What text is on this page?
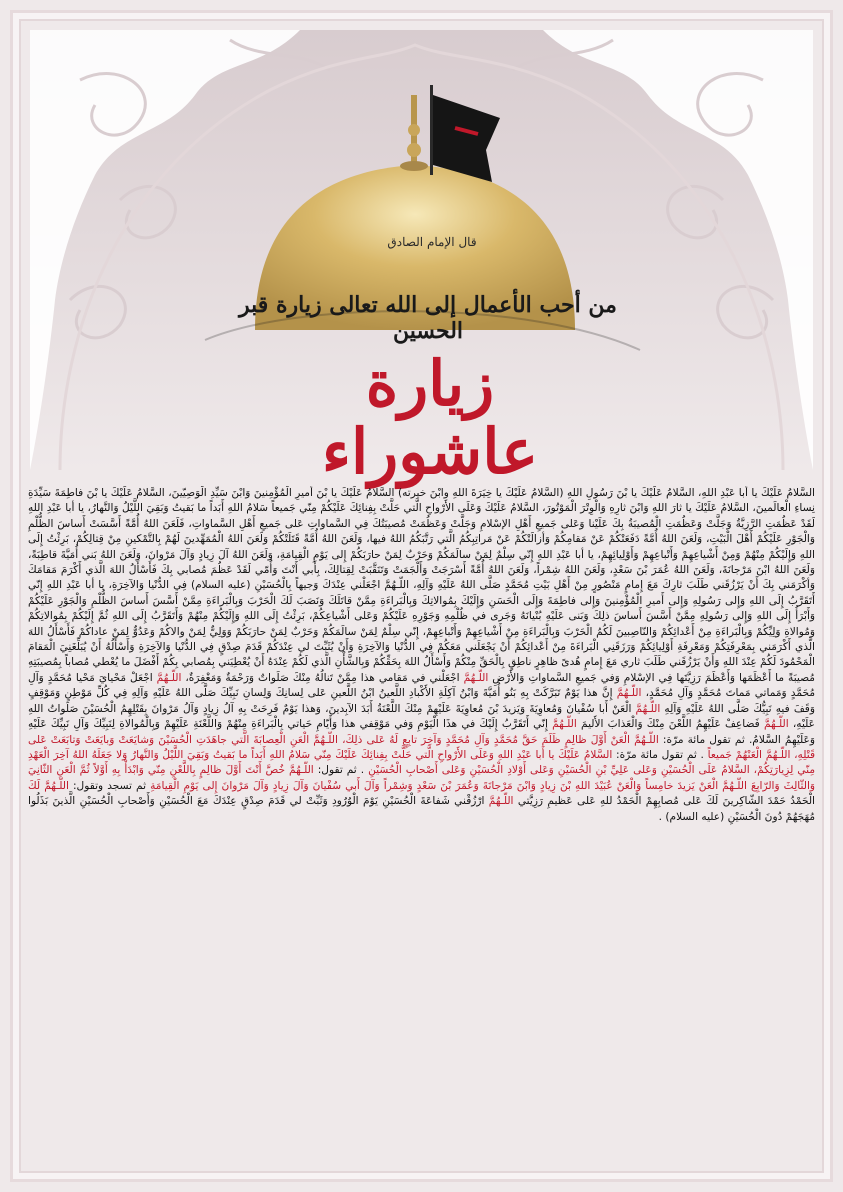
قال الإمام الصادق
من أحب الأعمال إلى الله تعالى زيارة قبر الحسين
زيارة عاشوراء
السَّلامُ عَلَيْكَ يا أبا عَبْدِ اللهِ، السَّلامُ عَلَيْكَ يا بْنَ رَسُولِ اللهِ (السَّلامُ عَلَيْكَ يا خِيَرَةَ اللهِ وابْنَ خيرته) السَّلامُ عَلَيْكَ يا بْنَ أميرِ الْمُؤْمِنينَ وَابْنَ سَيِّدِ الْوَصِيّينَ، السَّلامُ عَلَيْكَ يا بْنَ فاطِمَةَ سَيِّدَةِ نِساءِ الْعالَمينَ، السَّلامُ عَلَيْكَ يا ثارَ اللهِ وَابْنَ ثارِهِ وَالْوِتْرَ الْمَوْتُورَ، السَّلامُ عَلَيْكَ وَعَلَى الأَرْواحِ الَّتي حَلَّتْ بِفِنائِكَ عَلَيْكُمْ مِنّي جَميعاً سَلامُ اللهِ أَبَداً ما بَقيتُ وَبَقِيَ اللَّيْلُ وَالنَّهارُ، يا أبا عَبْدِ اللهِ لَقَدْ عَظُمَتِ الرَّزِيَّةُ وَجَلَّتْ وَعَظُمَتِ الْمُصيبَةُ بِكَ عَلَيْنا وَعَلى جَميعِ أَهْلِ الإسْلامِ وَجَلَّتْ وَعَظُمَتْ مُصيبَتُكَ فِي السَّماواتِ عَلى جَميعِ أَهْلِ السَّماواتِ، فَلَعَنَ اللهُ أُمَّةً أَسَّسَتْ أَساسَ الظُّلْمِ وَالْجَوْرِ عَلَيْكُمْ أَهْلَ الْبَيْتِ، وَلَعَنَ اللهُ أُمَّةً دَفَعَتْكُمْ عَنْ مَقامِكُمْ وَأزالَتْكُمْ عَنْ مَراتِبِكُمُ الَّتي رَتَّبَكُمُ اللهُ فيها، وَلَعَنَ اللهُ أُمَّةً قَتَلَتْكُمْ وَلَعَنَ اللهُ الْمُمَهِّدينَ لَهُمْ بِالتَّمْكينِ مِنْ قِتالِكُمْ، بَرِئْتُ إِلَى اللهِ وَإِلَيْكُمْ مِنْهُمْ وَمِنْ أَشْياعِهِمْ وَأَتْباعِهِمْ وَأَوْلِيائِهِمْ، يا أبا عَبْدِ اللهِ إِنّي سِلْمٌ لِمَنْ سالَمَكُمْ وَحَرْبٌ لِمَنْ حارَبَكُمْ إِلى يَوْمِ الْقِيامَةِ، وَلَعَنَ اللهُ آلَ زِيادٍ وَآلَ مَرْوانَ، وَلَعَنَ اللهُ بَني أُمَيَّةَ قاطِبَةً، وَلَعَنَ اللهُ ابْنَ مَرْجانَةَ، وَلَعَنَ اللهُ عُمَرَ بْنَ سَعْدٍ، وَلَعَنَ اللهُ شِمْراً، وَلَعَنَ اللهُ أُمَّةً أَسْرَجَتْ وَأَلْجَمَتْ وَتَنَقَّبَتْ لِقِتالِكَ، بِأَبي أَنْتَ وَأُمّي لَقَدْ عَظُمَ مُصابي بِكَ فَأَسْأَلُ اللهَ الَّذي أَكْرَمَ مَقامَكَ وَأكْرَمَني بِكَ أَنْ يَرْزُقَني طَلَبَ ثارِكَ مَعَ إِمامٍ مَنْصُورٍ مِنْ أَهْلِ بَيْتِ مُحَمَّدٍ صَلَّى اللهُ عَلَيْهِ وَآلِهِ، اللّـهُمَّ اجْعَلْني عِنْدَكَ وَجيهاً بِالْحُسَيْنِ (عليه السلام) فِي الدُّنْيا وَالآخِرَةِ، يا أبا عَبْدِ اللهِ إِنّي أَتَقَرَّبُ إِلَى اللهِ وَإِلى رَسُولِهِ وَإِلى أَميرِ الْمُؤْمِنينَ وَإِلى فاطِمَةَ وَإِلَى الْحَسَنِ وَإِلَيْكَ بِمُوالاتِكَ وَبِالْبَراءَةِ مِمَّنْ قاتَلَكَ وَنَصَبَ لَكَ الْحَرْبَ وَبِالْبَراءَةِ مِمَّنْ أَسَّسَ أَساسَ الظُّلْمِ وَالْجَوْرِ عَلَيْكُمْ وَأَبْرَأُ إِلَى اللهِ وَإِلى رَسُولِهِ مِمَّنْ أَسَّسَ أَساسَ ذلِكَ وَبَنى عَلَيْهِ بُنْيانَهُ وَجَرى في ظُلْمِهِ وَجَوْرِهِ عَلَيْكُمْ وَعَلى أَشْياعِكُمْ، بَرِئْتُ إِلَى اللهِ وَإِلَيْكُمْ مِنْهُمْ وَأَتَقَرَّبُ إِلَى اللهِ ثُمَّ إِلَيْكُمْ بِمُوالاتِكُمْ وَمُوالاةِ وَلِيِّكُمْ وَبِالْبَراءَةِ مِنْ أَعْدائِكُمْ وَالنّاصِبينَ لَكُمُ الْحَرْبَ وَبِالْبَراءَةِ مِنْ أَشْياعِهِمْ وَأَتْباعِهِمْ، إِنّي سِلْمٌ لِمَنْ سالَمَكُمْ وَحَرْبٌ لِمَنْ حارَبَكُمْ وَوَلِيٌّ لِمَنْ والاكُمْ وَعَدُوٌّ لِمَنْ عاداكُمْ فَأَسْأَلُ اللهَ الَّذي أَكْرَمَني بِمَعْرِفَتِكُمْ وَمَعْرِفَةِ أَوْلِيائِكُمْ وَرَزَقَنِي الْبَراءَةَ مِنْ أَعْدائِكُمْ أَنْ يَجْعَلَني مَعَكُمْ فِي الدُّنْيا وَالآخِرَةِ وَأَنْ يُثَبِّتَ لي عِنْدَكُمْ قَدَمَ صِدْقٍ فِي الدُّنْيا وَالآخِرَةِ وَأَسْأَلُهُ أَنْ يُبَلِّغَنِيَ الْمَقامَ الْمَحْمُودَ لَكُمْ عِنْدَ اللهِ وَأَنْ يَرْزُقَني طَلَبَ ثاري مَعَ إِمامٍ هُدىً ظاهِرٍ ناطِقٍ بِالْحَقِّ مِنْكُمْ وَأَسْأَلُ اللهَ بِحَقِّكُمْ وَبِالشَّأْنِ الَّذي لَكُمْ عِنْدَهُ أَنْ يُعْطِيَني بِمُصابي بِكُمْ أَفْضَلَ ما يُعْطي مُصاباً بِمُصيبَتِهِ مُصيبَةً ما أَعْظَمَها وَأَعْظَمَ رَزِيَّتَها فِي الإسْلامِ وَفي جَميعِ السَّماواتِ وَالأَرْضِ اللّـهُمَّ اجْعَلْني في مَقامي هذا مِمَّنْ تَنالُهُ مِنْكَ صَلَواتٌ وَرَحْمَةٌ وَمَغْفِرَةٌ، اللّـهُمَّ اجْعَلْ مَحْيايَ مَحْيا مُحَمَّدٍ وَآلِ مُحَمَّدٍ وَمَماتي مَماتَ مُحَمَّدٍ وَآلِ مُحَمَّدٍ، اللّـهُمَّ إِنَّ هذا يَوْمٌ تَبَرَّكَتْ بِهِ بَنُو أُمَيَّةَ وَابْنُ آكِلَةِ الأَكْبادِ اللَّعينُ ابْنُ اللَّعينِ عَلى لِسانِكَ وَلِسانِ نَبِيِّكَ صَلَّى اللهُ عَلَيْهِ وَآلِهِ فِي كُلِّ مَوْطِنٍ وَمَوْقِفٍ وَقَفَ فيهِ نَبِيُّكَ صَلَّى اللهُ عَلَيْهِ وَآلِهِ اللّـهُمَّ الْعَنْ أَبا سُفْيانَ وَمُعاوِيَةَ وَيَزيدَ بْنَ مُعاوِيَةَ عَلَيْهِمْ مِنْكَ اللَّعْنَةُ أَبَدَ الآبِدينَ، وَهذا يَوْمٌ فَرِحَتْ بِهِ آلُ زِيادٍ وَآلُ مَرْوانَ بِقَتْلِهِمُ الْحُسَيْنَ صَلَواتُ اللهِ عَلَيْهِ، اللّـهُمَّ فَضاعِفْ عَلَيْهِمُ اللَّعْنَ مِنْكَ وَالْعَذابَ الأَليمَ اللّـهُمَّ إِنّي أَتَقَرَّبُ إِلَيْكَ في هذَا الْيَوْمِ وَفي مَوْقِفي هذا وَأَيّامِ حَياتي بِالْبَراءَةِ مِنْهُمْ وَاللَّعْنَةِ عَلَيْهِمْ وَبِالْمُوالاةِ لِنَبِيِّكَ وَآلِ نَبِيِّكَ عَلَيْهِ وَعَلَيْهِمُ السَّلامُ. ثم تقول مائة مرّة: اللّـهُمَّ الْعَنْ أَوَّلَ ظالِمٍ ظَلَمَ حَقَّ مُحَمَّدٍ وَآلِ مُحَمَّدٍ وَآخِرَ تابِعٍ لَهُ عَلى ذلِكَ، اللّـهُمَّ الْعَنِ الْعِصابَةَ الَّتي جاهَدَتِ الْحُسَيْنَ وَشايَعَتْ وَبايَعَتْ وَتابَعَتْ عَلى قَتْلِهِ، اللّـهُمَّ الْعَنْهُمْ جَميعاً . ثم تقول مائة مرّة: السَّلامُ عَلَيْكَ يا أَبا عَبْدِ اللهِ وَعَلَى الأَرْواحِ الَّتي حَلَّتْ بِفِنائِكَ عَلَيْكَ مِنّي سَلامُ اللهِ أَبَداً ما بَقيتُ وَبَقِيَ اللَّيْلُ وَالنَّهارُ وَلا جَعَلَهُ اللهُ آخِرَ الْعَهْدِ مِنّي لِزِيارَتِكُمْ، السَّلامُ عَلَى الْحُسَيْنِ وَعَلى عَلِيِّ بْنِ الْحُسَيْنِ وَعَلى أَوْلادِ الْحُسَيْنِ وَعَلى أَصْحابِ الْحُسَيْنِ . ثم تقول: اللّـهُمَّ خُصَّ أَنْتَ أَوَّلَ ظالِمٍ بِاللَّعْنِ مِنّي وَابْدَأْ بِهِ أَوَّلاً ثُمَّ الْعَنِ الثّانِيَ وَالثّالِثَ وَالرّابِعَ اللّـهُمَّ الْعَنْ يَزيدَ خامِساً وَالْعَنْ عُبَيْدَ اللهِ بْنَ زِيادٍ وَابْنَ مَرْجانَةَ وَعُمَرَ بْنَ سَعْدٍ وَشِمْراً وَآلَ أَبي سُفْيانَ وَآلَ زِيادٍ وَآلَ مَرْوانَ إِلى يَوْمِ الْقِيامَةِ ثم تسجد وتقول: اللّـهُمَّ لَكَ الْحَمْدُ حَمْدَ الشّاكِرينَ لَكَ عَلى مُصابِهِمْ الْحَمْدُ للهِ عَلى عَظيمِ رَزِيَّتي اللّـهُمَّ ارْزُقْني شَفاعَةَ الْحُسَيْنِ يَوْمَ الْوُرُودِ وَثَبِّتْ لي قَدَمَ صِدْقٍ عِنْدَكَ مَعَ الْحُسَيْنِ وَأَصْحابِ الْحُسَيْنِ الَّذينَ بَذَلُوا مُهَجَهُمْ دُونَ الْحُسَيْنِ (عليه السلام) .
